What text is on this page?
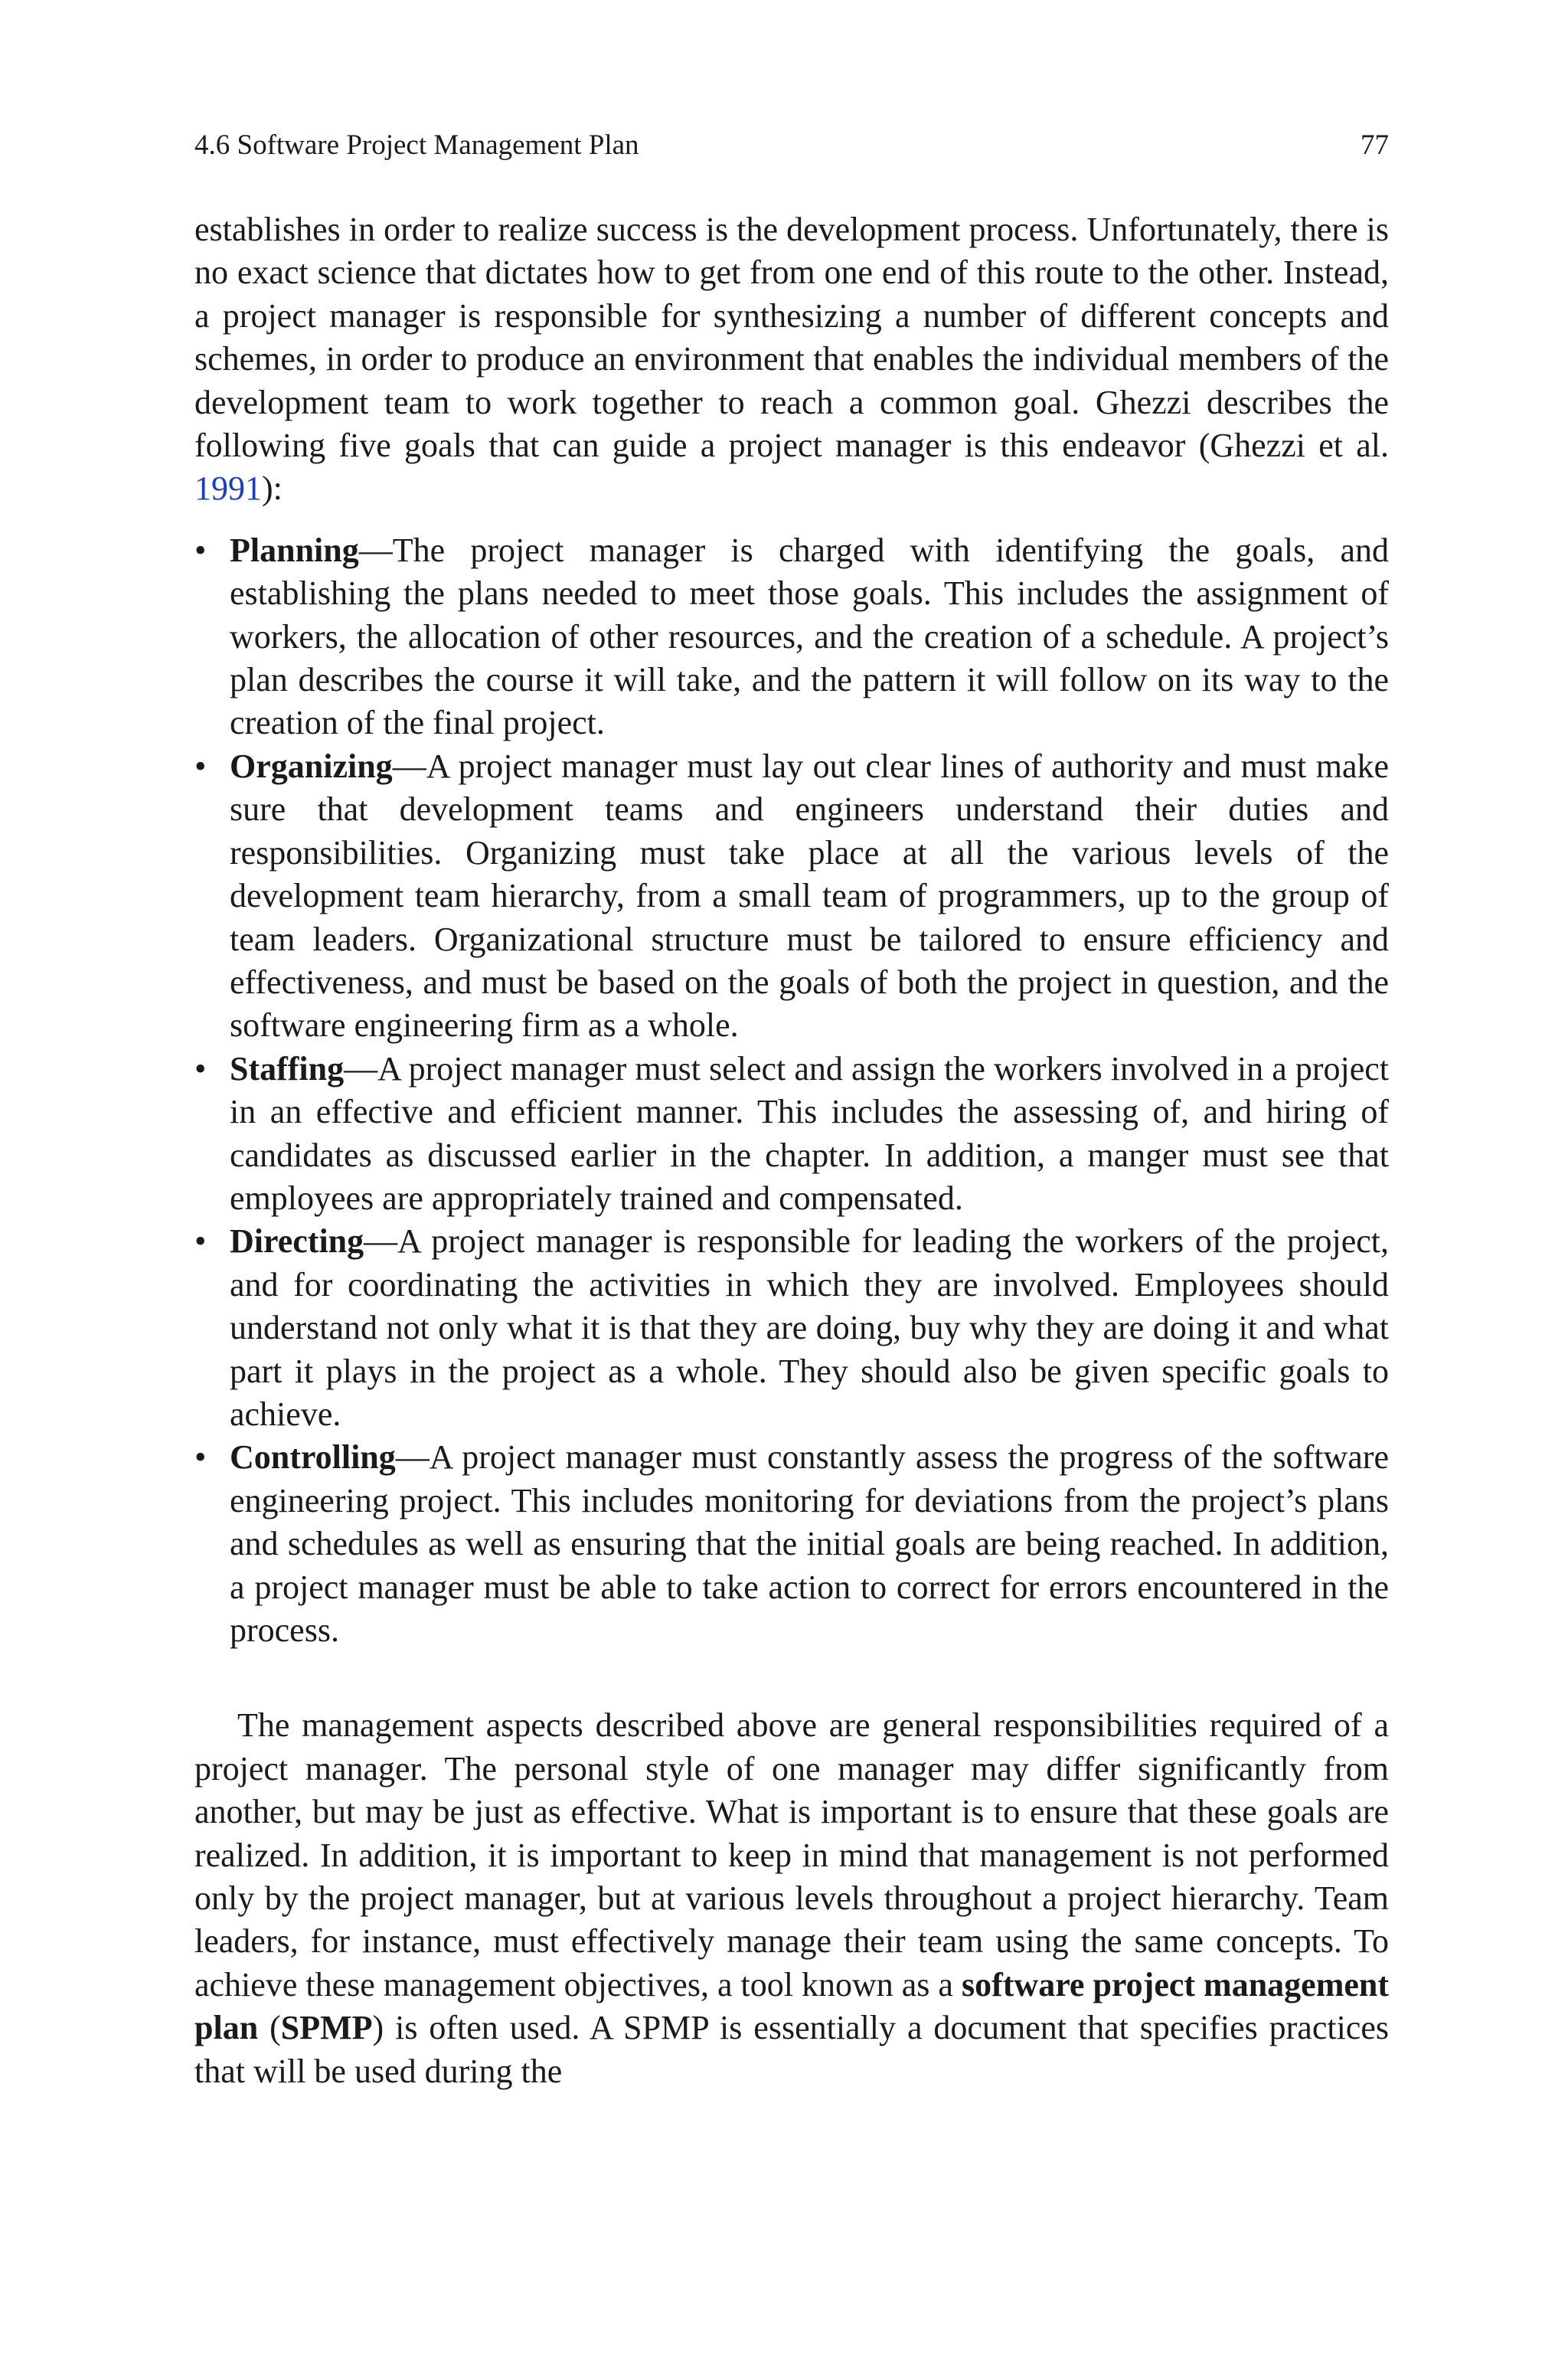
4.6 Software Project Management Plan	77

establishes in order to realize success is the development process. Unfortunately, there is no exact science that dictates how to get from one end of this route to the other. Instead, a project manager is responsible for synthesizing a number of different concepts and schemes, in order to produce an environment that enables the individual members of the development team to work together to reach a common goal. Ghezzi describes the following five goals that can guide a project manager is this endeavor (Ghezzi et al. 1991):

• Planning—The project manager is charged with identifying the goals, and establishing the plans needed to meet those goals. This includes the assignment of workers, the allocation of other resources, and the creation of a schedule. A project’s plan describes the course it will take, and the pattern it will follow on its way to the creation of the final project.
• Organizing—A project manager must lay out clear lines of authority and must make sure that development teams and engineers understand their duties and responsibilities. Organizing must take place at all the various levels of the development team hierarchy, from a small team of programmers, up to the group of team leaders. Organizational structure must be tailored to ensure efficiency and effectiveness, and must be based on the goals of both the project in question, and the software engineering firm as a whole.
• Staffing—A project manager must select and assign the workers involved in a project in an effective and efficient manner. This includes the assessing of, and hiring of candidates as discussed earlier in the chapter. In addition, a manger must see that employees are appropriately trained and compensated.
• Directing—A project manager is responsible for leading the workers of the project, and for coordinating the activities in which they are involved. Employees should understand not only what it is that they are doing, buy why they are doing it and what part it plays in the project as a whole. They should also be given specific goals to achieve.
• Controlling—A project manager must constantly assess the progress of the software engineering project. This includes monitoring for deviations from the project’s plans and schedules as well as ensuring that the initial goals are being reached. In addition, a project manager must be able to take action to correct for errors encountered in the process.

The management aspects described above are general responsibilities required of a project manager. The personal style of one manager may differ significantly from another, but may be just as effective. What is important is to ensure that these goals are realized. In addition, it is important to keep in mind that management is not performed only by the project manager, but at various levels throughout a project hierarchy. Team leaders, for instance, must effectively manage their team using the same concepts. To achieve these management objectives, a tool known as a software project management plan (SPMP) is often used. A SPMP is essentially a document that specifies practices that will be used during the
